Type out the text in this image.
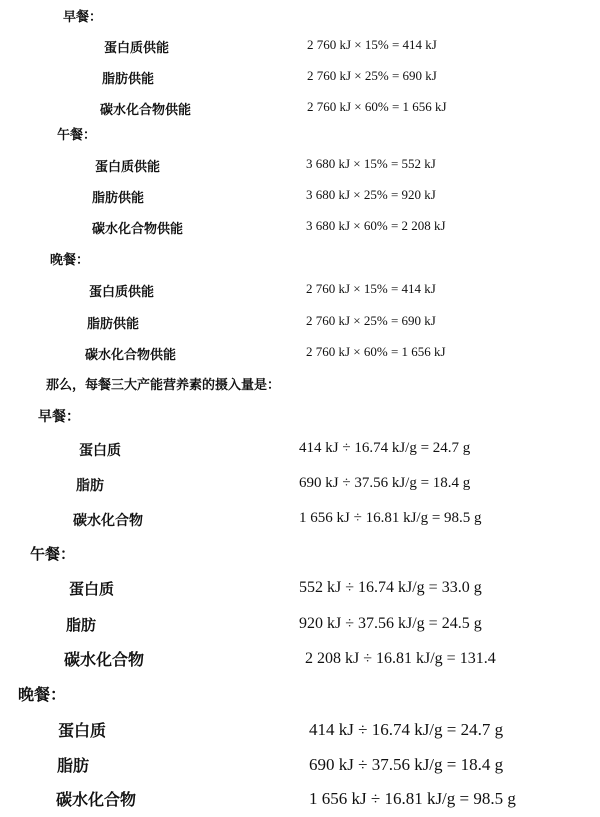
早餐：
蛋白质供能	2 760 kJ × 15% = 414 kJ
脂肪供能	2 760 kJ × 25% = 690 kJ
碳水化合物供能	2 760 kJ × 60% = 1 656 kJ
午餐：
蛋白质供能	3 680 kJ × 15% = 552 kJ
脂肪供能	3 680 kJ × 25% = 920 kJ
碳水化合物供能	3 680 kJ × 60% = 2 208 kJ
晚餐：
蛋白质供能	2 760 kJ × 15% = 414 kJ
脂肪供能	2 760 kJ × 25% = 690 kJ
碳水化合物供能	2 760 kJ × 60% = 1 656 kJ
那么，每餐三大产能营养素的摄入量是：
早餐：
蛋白质	414 kJ ÷ 16.74 kJ/g = 24.7 g
脂肪	690 kJ ÷ 37.56 kJ/g = 18.4 g
碳水化合物	1 656 kJ ÷ 16.81 kJ/g = 98.5 g
午餐：
蛋白质	552 kJ ÷ 16.74 kJ/g = 33.0 g
脂肪	920 kJ ÷ 37.56 kJ/g = 24.5 g
碳水化合物	2 208 kJ ÷ 16.81 kJ/g = 131.4
晚餐：
蛋白质	414 kJ ÷ 16.74 kJ/g = 24.7 g
脂肪	690 kJ ÷ 37.56 kJ/g = 18.4 g
碳水化合物	1 656 kJ ÷ 16.81 kJ/g = 98.5 g
